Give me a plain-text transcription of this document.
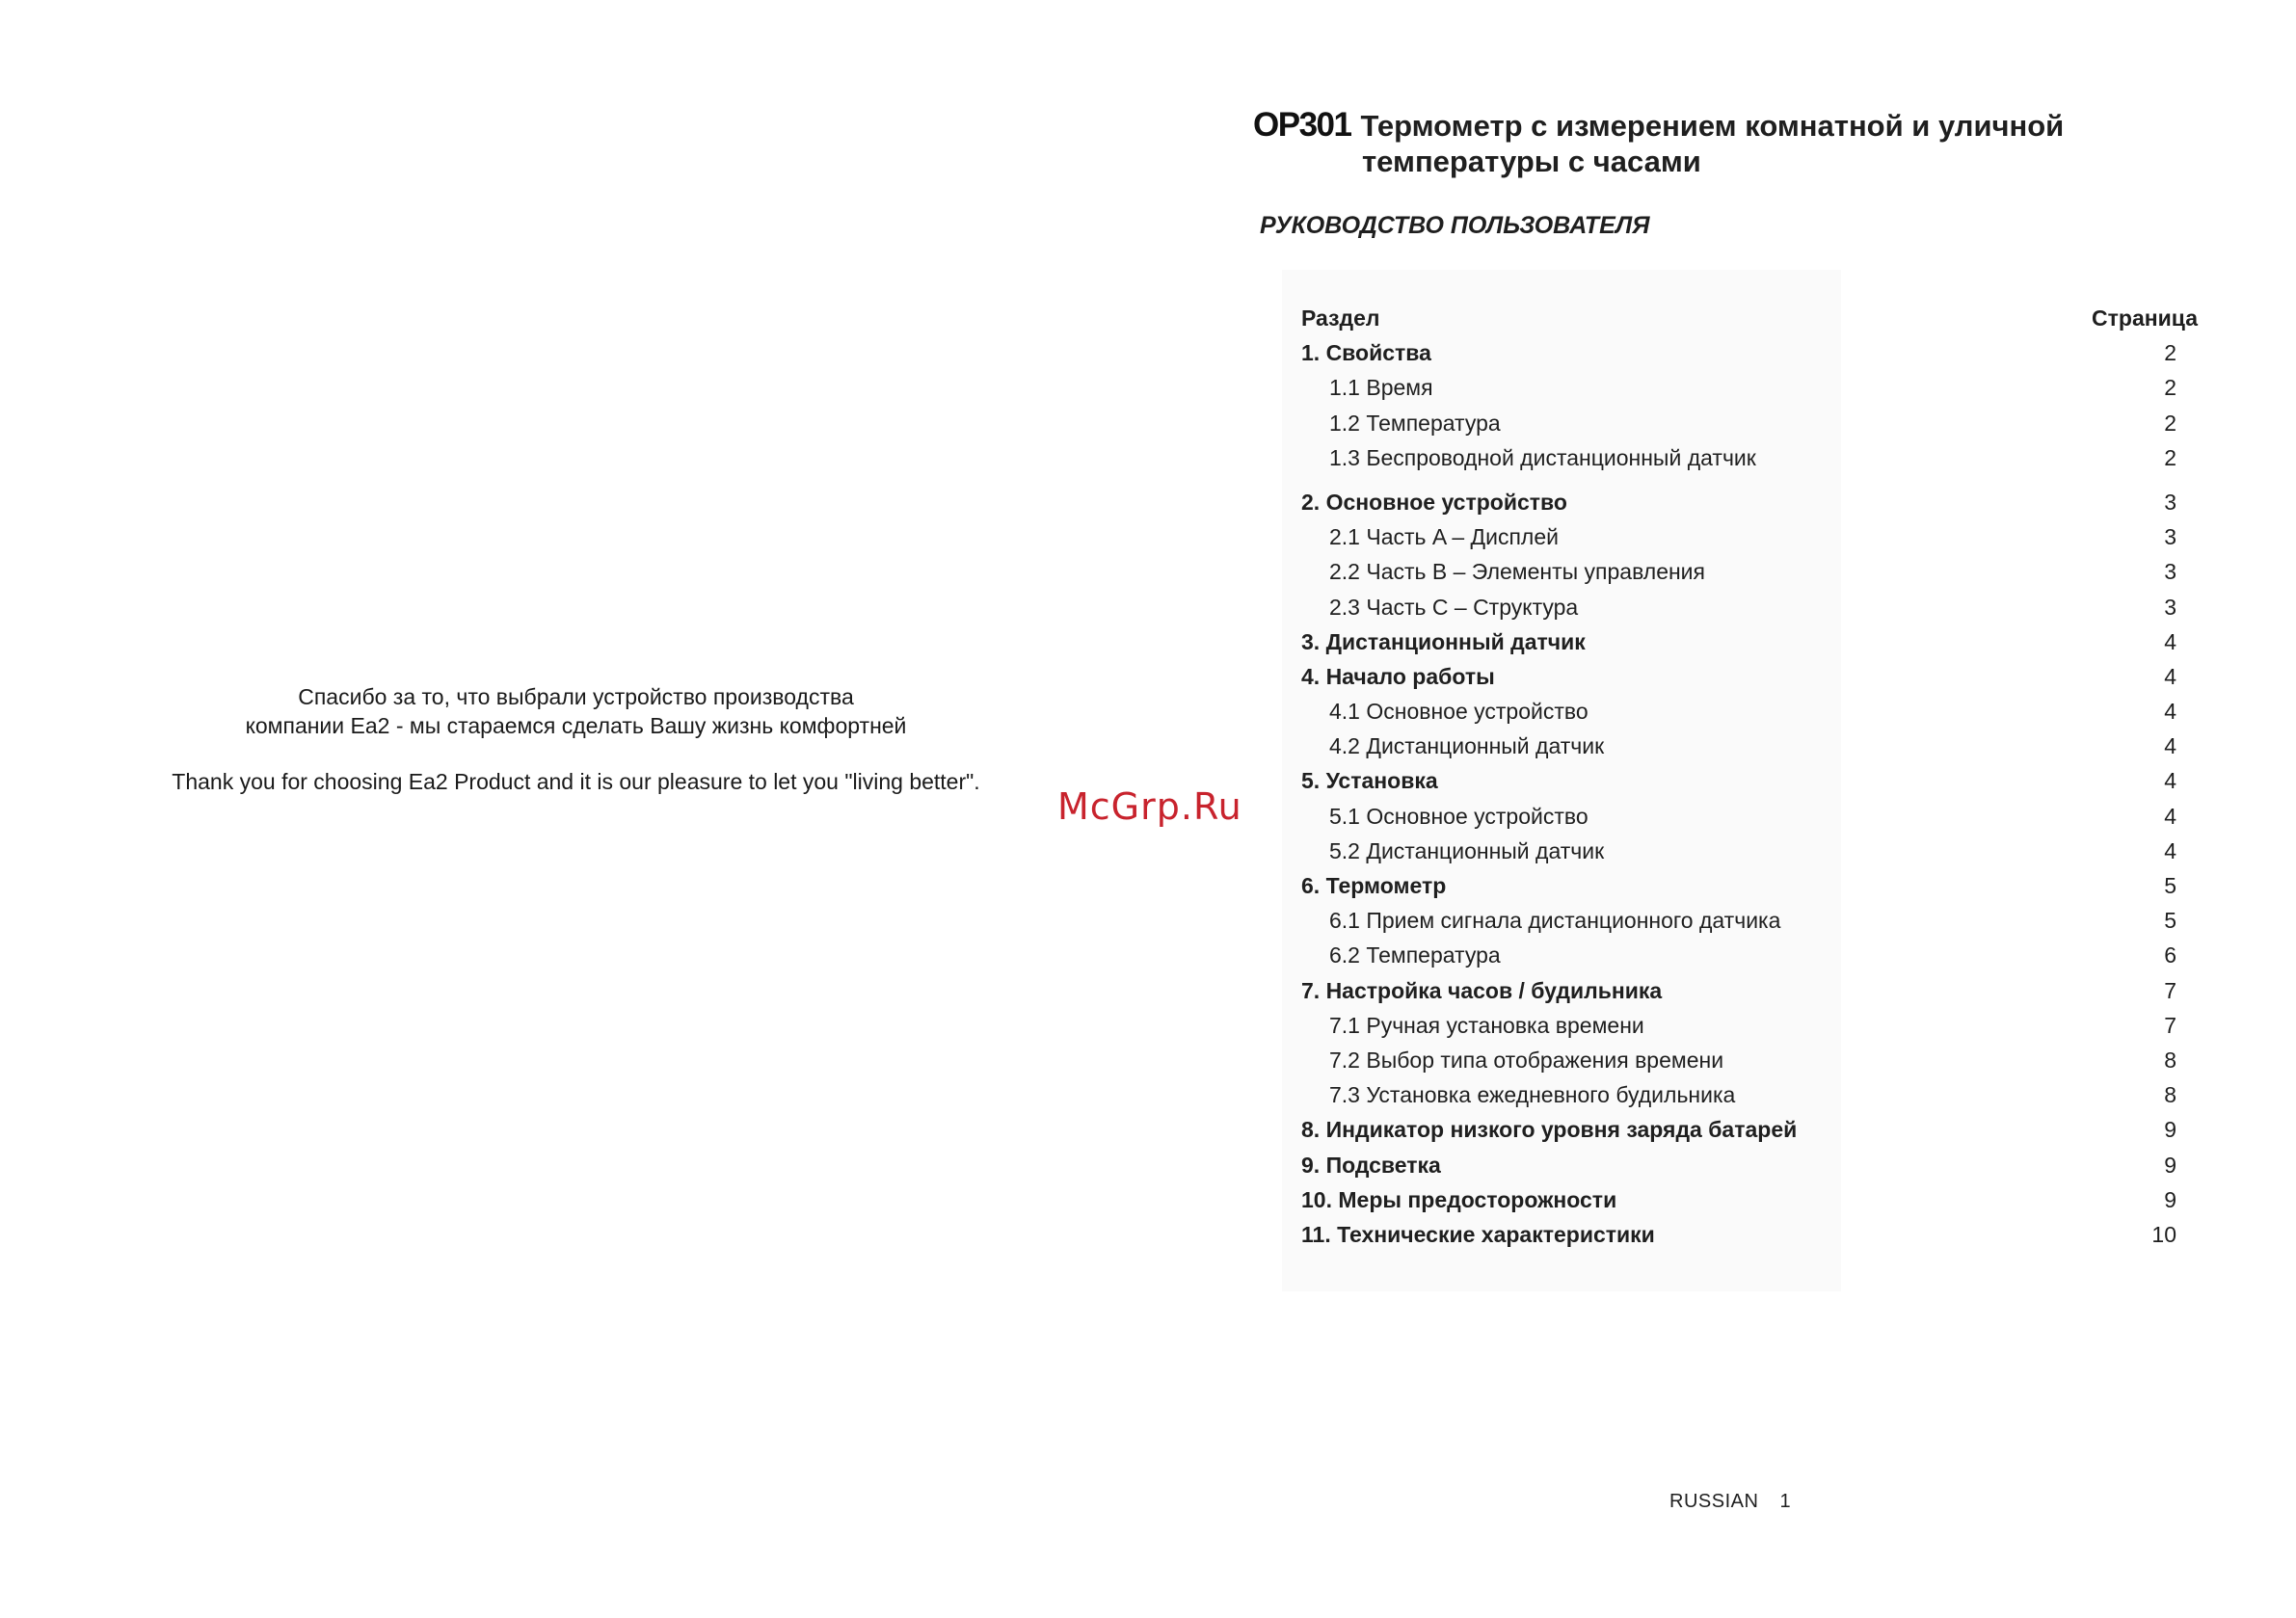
Спасибо за то, что выбрали устройство производства
компании Ea2 - мы стараемся сделать Вашу жизнь комфортней
Thank you for choosing Ea2 Product and it is our pleasure to let you "living better".
McGrp.Ru
OP301 Термометр с измерением комнатной и уличной
температуры с часами
РУКОВОДСТВО ПОЛЬЗОВАТЕЛЯ
Раздел	Страница
1. Свойства	2
1.1 Время	2
1.2 Температура	2
1.3 Беспроводной дистанционный датчик	2
2. Основное устройство	3
2.1 Часть A – Дисплей	3
2.2 Часть B – Элементы управления	3
2.3 Часть C – Структура	3
3. Дистанционный датчик	4
4. Начало работы	4
4.1 Основное устройство	4
4.2 Дистанционный датчик	4
5. Установка	4
5.1 Основное устройство	4
5.2 Дистанционный датчик	4
6. Термометр	5
6.1 Прием сигнала дистанционного датчика	5
6.2 Температура	6
7. Настройка часов / будильника	7
7.1 Ручная установка времени	7
7.2 Выбор типа отображения времени	8
7.3 Установка ежедневного будильника	8
8. Индикатор низкого уровня заряда батарей	9
9. Подсветка	9
10. Меры предосторожности	9
11. Технические характеристики	10
RUSSIAN 1
